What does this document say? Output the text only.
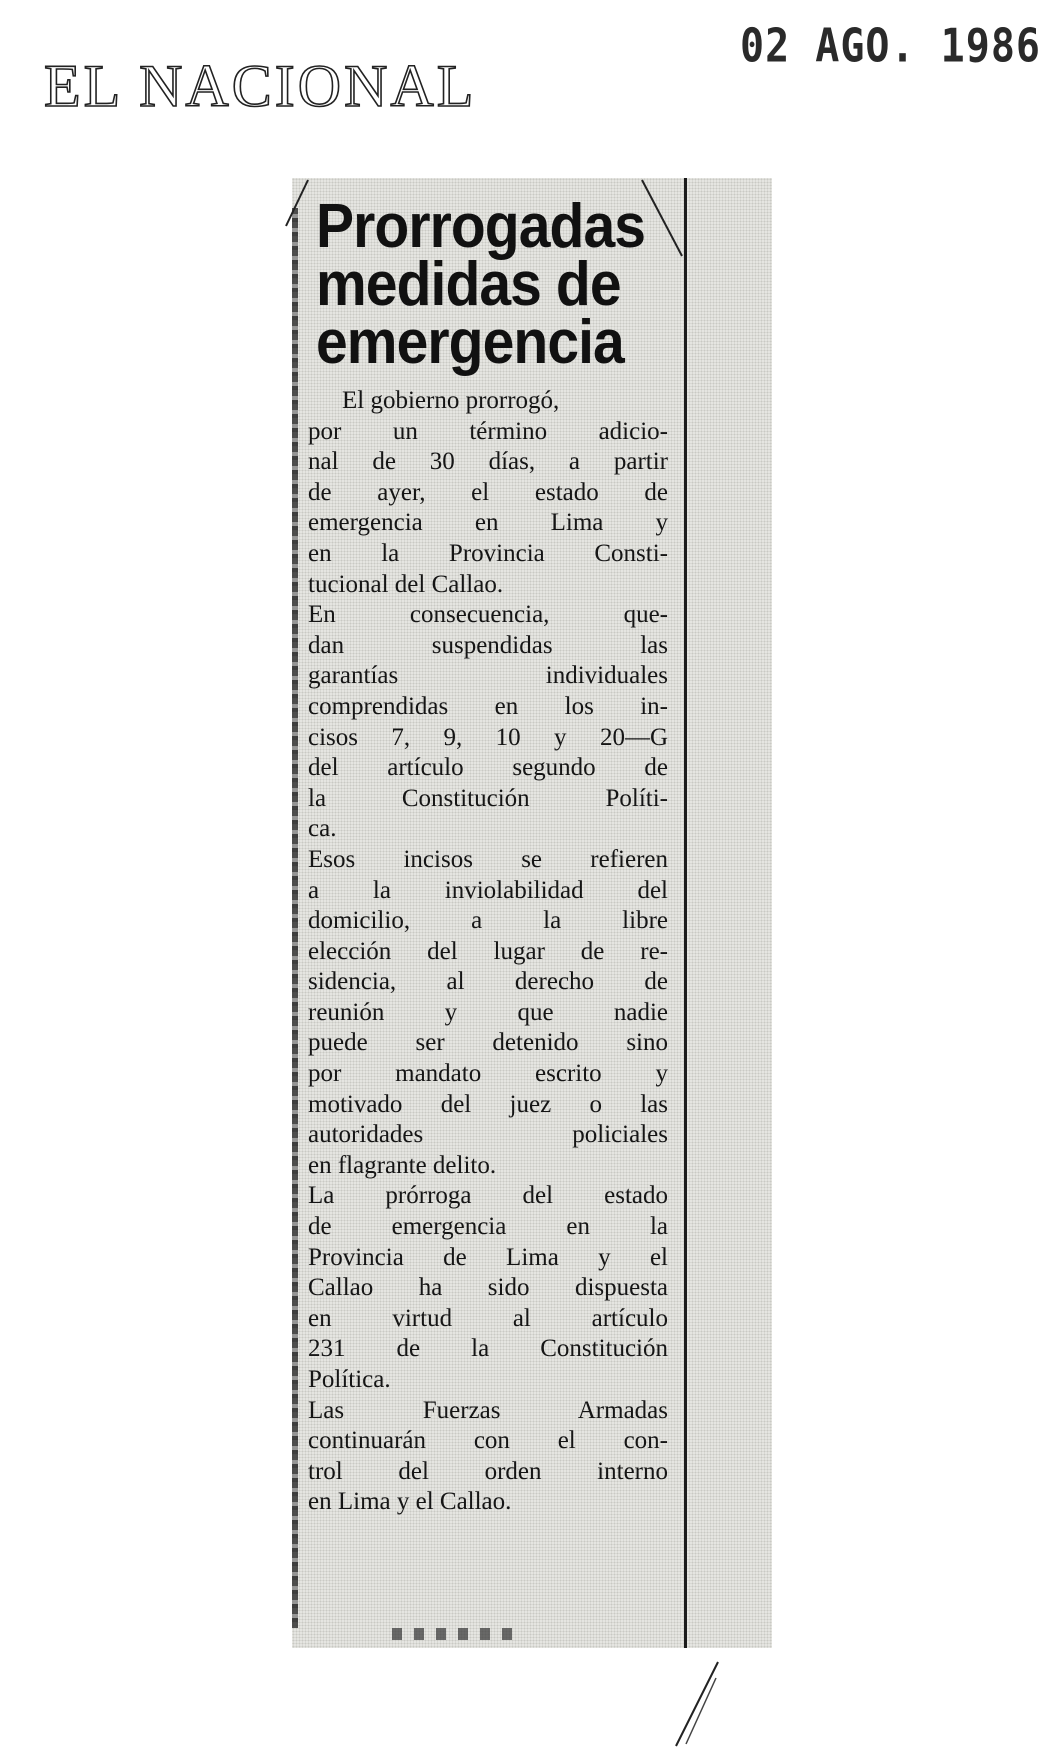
EL NACIONAL
02 AGO. 1986
Prorrogadas
medidas de
emergencia
El gobierno prorrogó,
por un término adicio-
nal de 30 días, a partir
de ayer, el estado de
emergencia en Lima y
en la Provincia Consti-
tucional del Callao.
En consecuencia, que-
dan suspendidas las
garantías individuales
comprendidas en los in-
cisos 7, 9, 10 y 20—G
del artículo segundo de
la Constitución Políti-
ca.
Esos incisos se refieren
a la inviolabilidad del
domicilio, a la libre
elección del lugar de re-
sidencia, al derecho de
reunión y que nadie
puede ser detenido sino
por mandato escrito y
motivado del juez o las
autoridades policiales
en flagrante delito.
La prórroga del estado
de emergencia en la
Provincia de Lima y el
Callao ha sido dispuesta
en virtud al artículo
231 de la Constitución
Política.
Las Fuerzas Armadas
continuarán con el con-
trol del orden interno
en Lima y el Callao.
